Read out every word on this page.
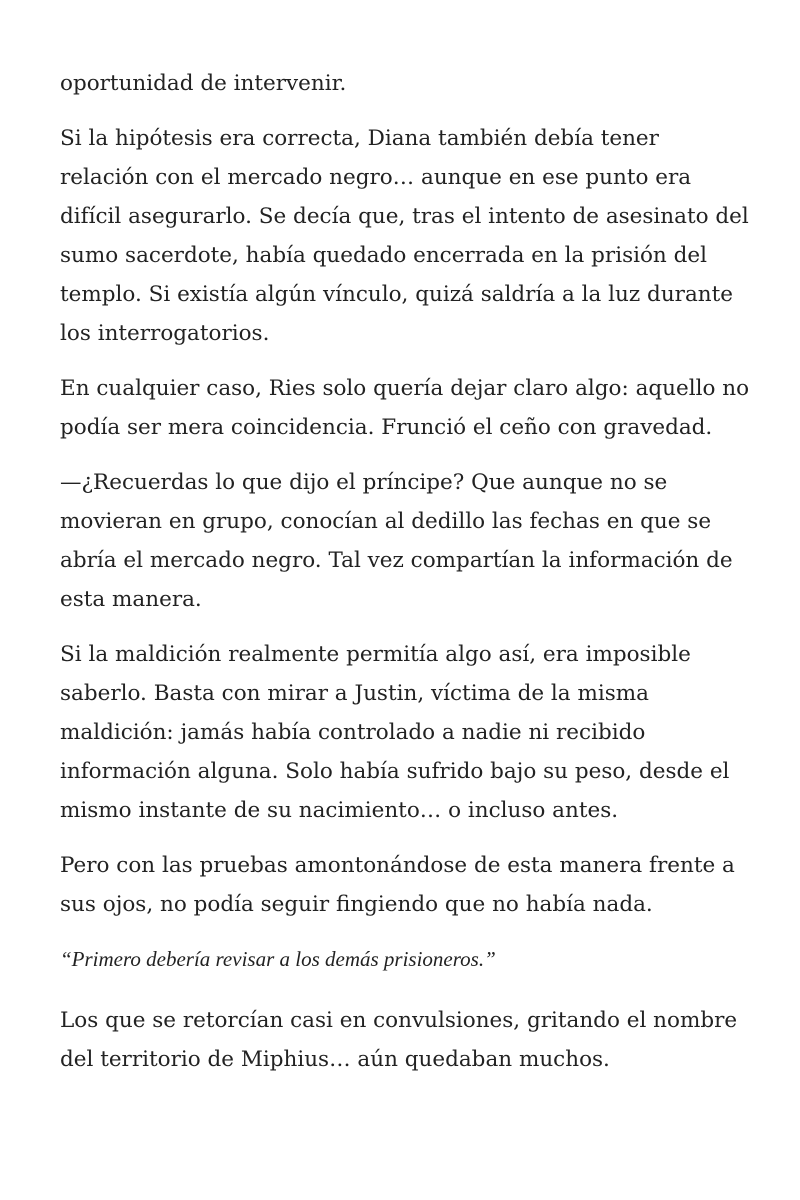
oportunidad de intervenir.

Si la hipótesis era correcta, Diana también debía tener relación con el mercado negro… aunque en ese punto era difícil asegurarlo. Se decía que, tras el intento de asesinato del sumo sacerdote, había quedado encerrada en la prisión del templo. Si existía algún vínculo, quizá saldría a la luz durante los interrogatorios.

En cualquier caso, Ries solo quería dejar claro algo: aquello no podía ser mera coincidencia. Frunció el ceño con gravedad.

—¿Recuerdas lo que dijo el príncipe? Que aunque no se movieran en grupo, conocían al dedillo las fechas en que se abría el mercado negro. Tal vez compartían la información de esta manera.

Si la maldición realmente permitía algo así, era imposible saberlo. Basta con mirar a Justin, víctima de la misma maldición: jamás había controlado a nadie ni recibido información alguna. Solo había sufrido bajo su peso, desde el mismo instante de su nacimiento… o incluso antes.

Pero con las pruebas amontonándose de esta manera frente a sus ojos, no podía seguir fingiendo que no había nada.

“Primero debería revisar a los demás prisioneros.”

Los que se retorcían casi en convulsiones, gritando el nombre del territorio de Miphius… aún quedaban muchos.
